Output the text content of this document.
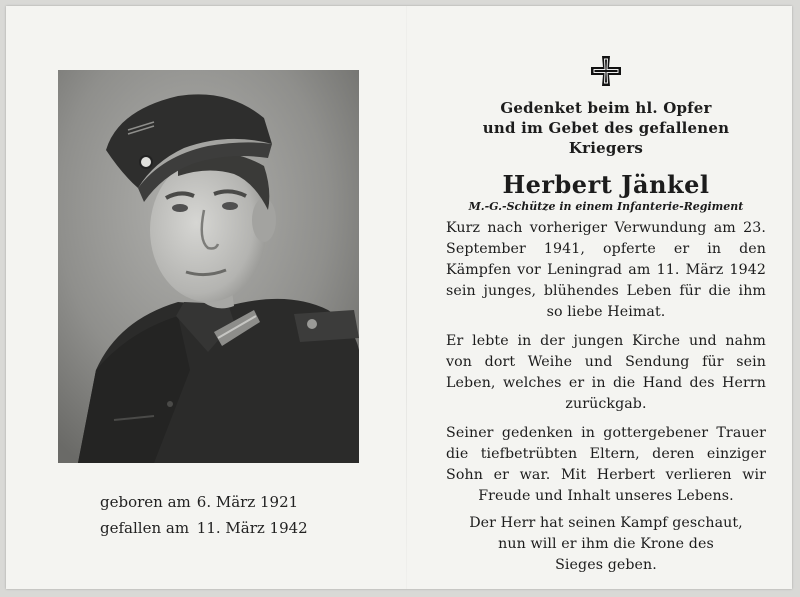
geboren am 6. März 1921
gefallen am 11. März 1942
Gedenket beim hl. Opfer
und im Gebet des gefallenen Kriegers
Herbert Jänkel
M.-G.-Schütze in einem Infanterie-Regiment
Kurz nach vorheriger Verwundung am 23. September 1941, opferte er in den Kämpfen vor Leningrad am 11. März 1942 sein junges, blühendes Leben für die ihm so liebe Heimat.
Er lebte in der jungen Kirche und nahm von dort Weihe und Sendung für sein Leben, welches er in die Hand des Herrn zurückgab.
Seiner gedenken in gottergebener Trauer die tiefbetrübten Eltern, deren einziger Sohn er war. Mit Herbert verlieren wir Freude und Inhalt unseres Lebens.
Der Herr hat seinen Kampf geschaut,
nun will er ihm die Krone des
Sieges geben.
